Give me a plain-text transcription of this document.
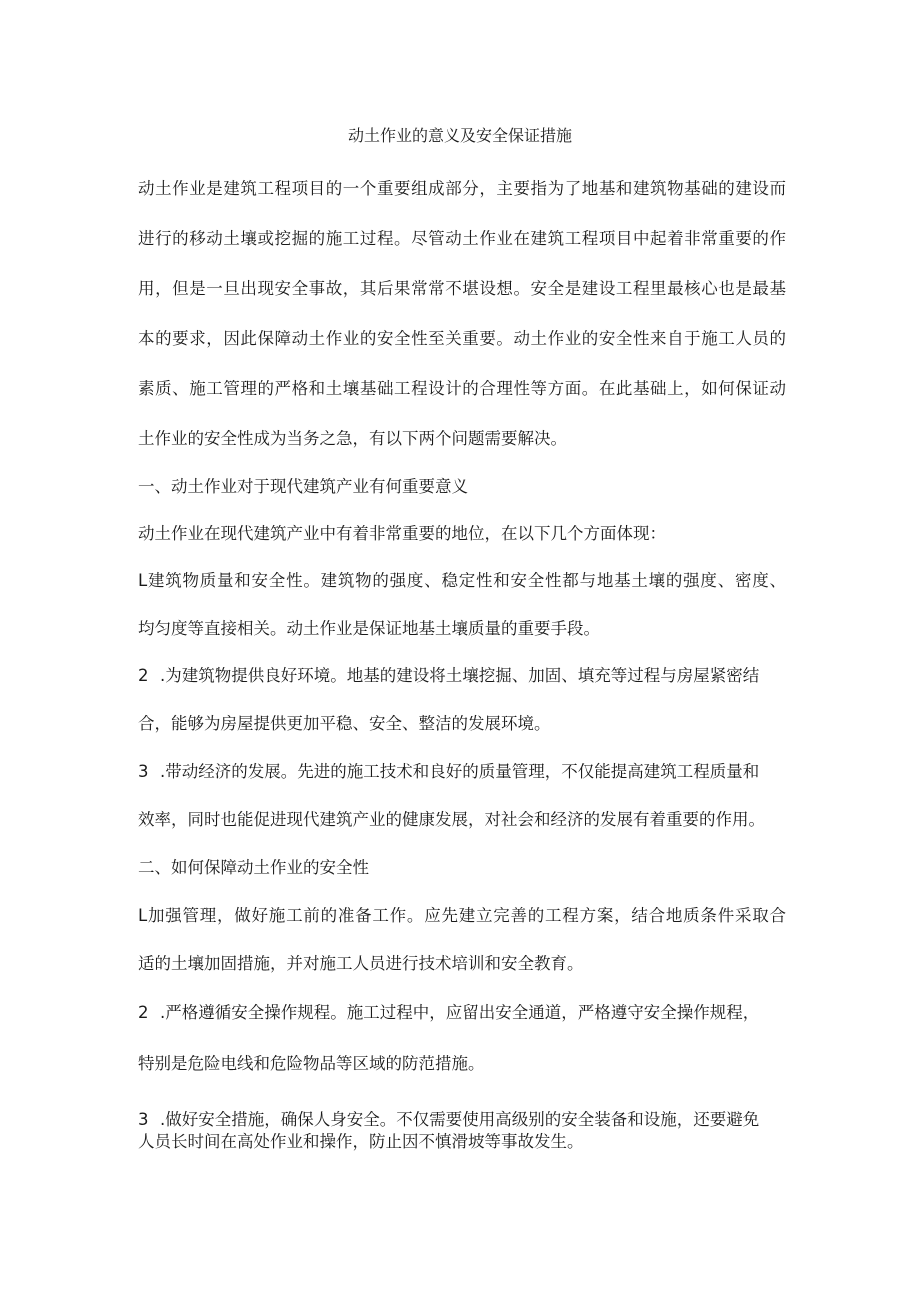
动土作业的意义及安全保证措施
动土作业是建筑工程项目的一个重要组成部分，主要指为了地基和建筑物基础的建设而
进行的移动土壤或挖掘的施工过程。尽管动土作业在建筑工程项目中起着非常重要的作
用，但是一旦出现安全事故，其后果常常不堪设想。安全是建设工程里最核心也是最基
本的要求，因此保障动土作业的安全性至关重要。动土作业的安全性来自于施工人员的
素质、施工管理的严格和土壤基础工程设计的合理性等方面。在此基础上，如何保证动
土作业的安全性成为当务之急，有以下两个问题需要解决。
一、动土作业对于现代建筑产业有何重要意义
动土作业在现代建筑产业中有着非常重要的地位，在以下几个方面体现：
L建筑物质量和安全性。建筑物的强度、稳定性和安全性都与地基土壤的强度、密度、
均匀度等直接相关。动土作业是保证地基土壤质量的重要手段。
2 .为建筑物提供良好环境。地基的建设将土壤挖掘、加固、填充等过程与房屋紧密结
合，能够为房屋提供更加平稳、安全、整洁的发展环境。
3 .带动经济的发展。先进的施工技术和良好的质量管理，不仅能提高建筑工程质量和
效率，同时也能促进现代建筑产业的健康发展，对社会和经济的发展有着重要的作用。
二、如何保障动土作业的安全性
L加强管理，做好施工前的准备工作。应先建立完善的工程方案，结合地质条件采取合
适的土壤加固措施，并对施工人员进行技术培训和安全教育。
2 .严格遵循安全操作规程。施工过程中，应留出安全通道，严格遵守安全操作规程，
特别是危险电线和危险物品等区域的防范措施。
3 .做好安全措施，确保人身安全。不仅需要使用高级别的安全装备和设施，还要避免
人员长时间在高处作业和操作，防止因不慎滑坡等事故发生。
